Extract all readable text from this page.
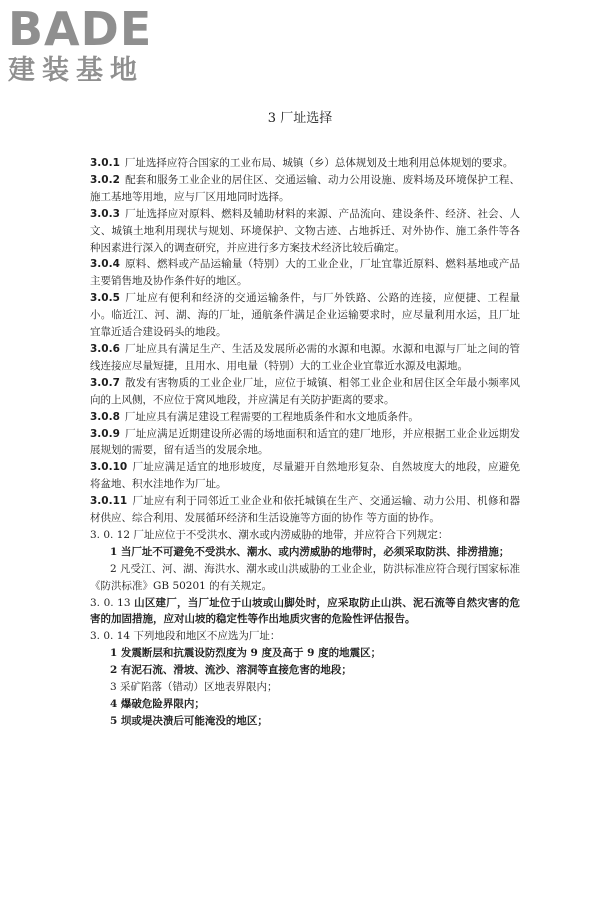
BADE
建装基地
3 厂址选择

3.0.1 厂址选择应符合国家的工业布局、城镇（乡）总体规划及土地利用总体规划的要求。

3.0.2 配套和服务工业企业的居住区、交通运输、动力公用设施、废料场及环境保护工程、施工基地等用地，应与厂区用地同时选择。

3.0.3 厂址选择应对原料、燃料及辅助材料的来源、产品流向、建设条件、经济、社会、人文、城镇土地利用现状与规划、环境保护、文物古迹、占地拆迁、对外协作、施工条件等各种因素进行深入的调查研究，并应进行多方案技术经济比较后确定。

3.0.4 原料、燃料或产品运输量（特别）大的工业企业，厂址宜靠近原料、燃料基地或产品主要销售地及协作条件好的地区。

3.0.5 厂址应有便利和经济的交通运输条件，与厂外铁路、公路的连接，应便捷、工程量小。临近江、河、湖、海的厂址，通航条件满足企业运输要求时，应尽量利用水运，且厂址宜靠近适合建设码头的地段。

3.0.6 厂址应具有满足生产、生活及发展所必需的水源和电源。水源和电源与厂址之间的管线连接应尽量短捷，且用水、用电量（特别）大的工业企业宜靠近水源及电源地。

3.0.7 散发有害物质的工业企业厂址，应位于城镇、相邻工业企业和居住区全年最小频率风向的上风侧，不应位于窝风地段，并应满足有关防护距离的要求。

3.0.8 厂址应具有满足建设工程需要的工程地质条件和水文地质条件。

3.0.9 厂址应满足近期建设所必需的场地面积和适宜的建厂地形，并应根据工业企业远期发展规划的需要，留有适当的发展余地。

3.0.10 厂址应满足适宜的地形坡度，尽量避开自然地形复杂、自然坡度大的地段，应避免将盆地、积水洼地作为厂址。

3.0.11 厂址应有利于同邻近工业企业和依托城镇在生产、交通运输、动力公用、机修和器材供应、综合利用、发展循环经济和生活设施等方面的协作 等方面的协作。

3. 0. 12 厂址应位于不受洪水、潮水或内涝威胁的地带，并应符合下列规定：

1 当厂址不可避免不受洪水、潮水、或内涝威胁的地带时，必须采取防洪、排涝措施；

2 凡受江、河、湖、海洪水、潮水或山洪威胁的工业企业，防洪标准应符合现行国家标准《防洪标准》GB 50201 的有关规定。

3. 0. 13 山区建厂，当厂址位于山坡或山脚处时，应采取防止山洪、泥石流等自然灾害的危害的加固措施，应对山坡的稳定性等作出地质灾害的危险性评估报告。

3. 0. 14 下列地段和地区不应选为厂址：

1 发震断层和抗震设防烈度为 9 度及高于 9 度的地震区；

2 有泥石流、滑坡、流沙、溶洞等直接危害的地段；

3 采矿陷落（错动）区地表界限内；

4 爆破危险界限内；

5 坝或堤决溃后可能淹没的地区；
